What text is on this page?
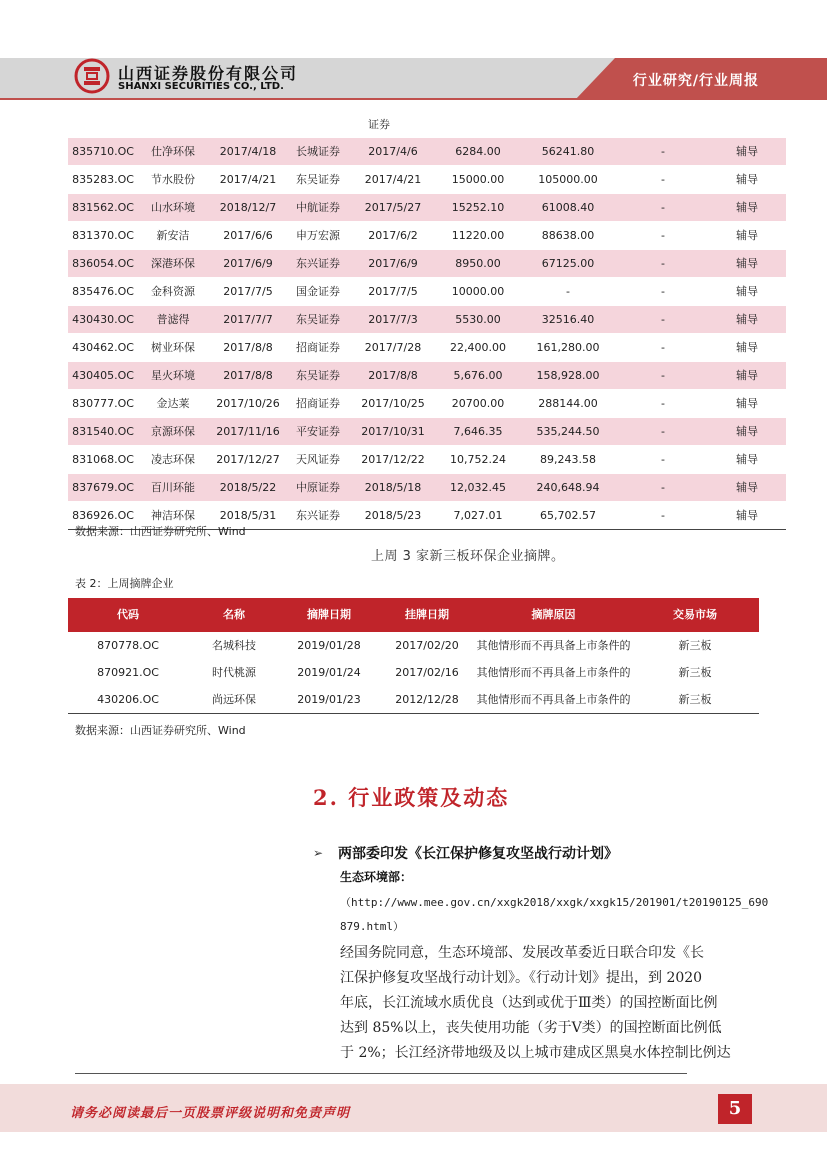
山西证券股份有限公司
SHANXI SECURITIES CO., LTD.	行业研究/行业周报
证券
835710.OC	仕净环保	2017/4/18	长城证券	2017/4/6	6284.00	56241.80	-	辅导
835283.OC	节水股份	2017/4/21	东吴证券	2017/4/21	15000.00	105000.00	-	辅导
831562.OC	山水环境	2018/12/7	中航证券	2017/5/27	15252.10	61008.40	-	辅导
831370.OC	新安洁	2017/6/6	申万宏源	2017/6/2	11220.00	88638.00	-	辅导
836054.OC	深港环保	2017/6/9	东兴证券	2017/6/9	8950.00	67125.00	-	辅导
835476.OC	金科资源	2017/7/5	国金证券	2017/7/5	10000.00	-	-	辅导
430430.OC	普滤得	2017/7/7	东吴证券	2017/7/3	5530.00	32516.40	-	辅导
430462.OC	树业环保	2017/8/8	招商证券	2017/7/28	22,400.00	161,280.00	-	辅导
430405.OC	星火环境	2017/8/8	东吴证券	2017/8/8	5,676.00	158,928.00	-	辅导
830777.OC	金达莱	2017/10/26	招商证券	2017/10/25	20700.00	288144.00	-	辅导
831540.OC	京源环保	2017/11/16	平安证券	2017/10/31	7,646.35	535,244.50	-	辅导
831068.OC	凌志环保	2017/12/27	天风证券	2017/12/22	10,752.24	89,243.58	-	辅导
837679.OC	百川环能	2018/5/22	中原证券	2018/5/18	12,032.45	240,648.94	-	辅导
836926.OC	神洁环保	2018/5/31	东兴证券	2018/5/23	7,027.01	65,702.57	-	辅导
数据来源：山西证券研究所、Wind
上周 3 家新三板环保企业摘牌。
表 2：上周摘牌企业
代码	名称	摘牌日期	挂牌日期	摘牌原因	交易市场
870778.OC	名城科技	2019/01/28	2017/02/20	其他情形而不再具备上市条件的	新三板
870921.OC	时代桃源	2019/01/24	2017/02/16	其他情形而不再具备上市条件的	新三板
430206.OC	尚远环保	2019/01/23	2012/12/28	其他情形而不再具备上市条件的	新三板
数据来源：山西证券研究所、Wind
2. 行业政策及动态
➢ 两部委印发《长江保护修复攻坚战行动计划》
生态环境部：
（http://www.mee.gov.cn/xxgk2018/xxgk/xxgk15/201901/t20190125_690
879.html）
经国务院同意，生态环境部、发展改革委近日联合印发《长
江保护修复攻坚战行动计划》。《行动计划》提出，到 2020
年底，长江流域水质优良（达到或优于Ⅲ类）的国控断面比例
达到 85%以上，丧失使用功能（劣于Ⅴ类）的国控断面比例低
于 2%；长江经济带地级及以上城市建成区黑臭水体控制比例达
请务必阅读最后一页股票评级说明和免责声明	5
